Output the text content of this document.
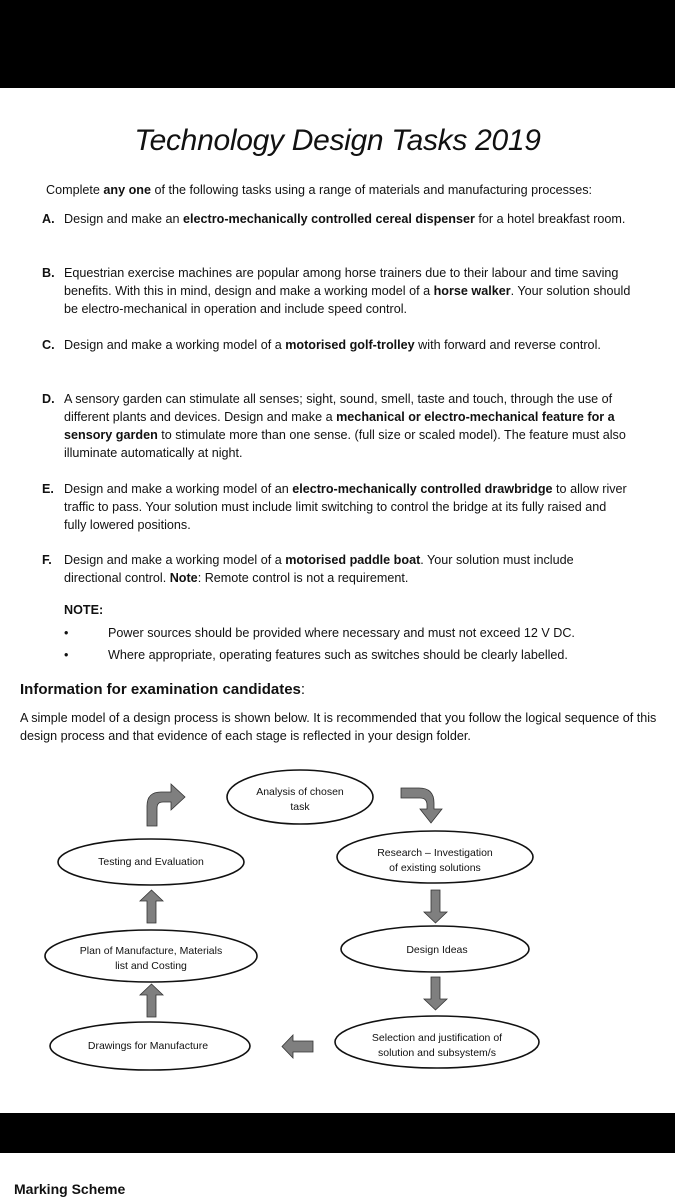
Technology Design Tasks 2019
Complete any one of the following tasks using a range of materials and manufacturing processes:
A. Design and make an electro-mechanically controlled cereal dispenser for a hotel breakfast room.
B. Equestrian exercise machines are popular among horse trainers due to their labour and time saving benefits. With this in mind, design and make a working model of a horse walker. Your solution should be electro-mechanical in operation and include speed control.
C. Design and make a working model of a motorised golf-trolley with forward and reverse control.
D. A sensory garden can stimulate all senses; sight, sound, smell, taste and touch, through the use of different plants and devices. Design and make a mechanical or electro-mechanical feature for a sensory garden to stimulate more than one sense. (full size or scaled model). The feature must also illuminate automatically at night.
E. Design and make a working model of an electro-mechanically controlled drawbridge to allow river traffic to pass. Your solution must include limit switching to control the bridge at its fully raised and fully lowered positions.
F. Design and make a working model of a motorised paddle boat. Your solution must include directional control. Note: Remote control is not a requirement.
NOTE:
•	Power sources should be provided where necessary and must not exceed 12 V DC.
•	Where appropriate, operating features such as switches should be clearly labelled.
Information for examination candidates:
A simple model of a design process is shown below. It is recommended that you follow the logical sequence of this design process and that evidence of each stage is reflected in your design folder.
Analysis of chosen
task
Research – Investigation
of existing solutions
Design Ideas
Selection and justification of
solution and subsystem/s
Drawings for Manufacture
Plan of Manufacture, Materials
list and Costing
Testing and Evaluation
Marking Scheme
